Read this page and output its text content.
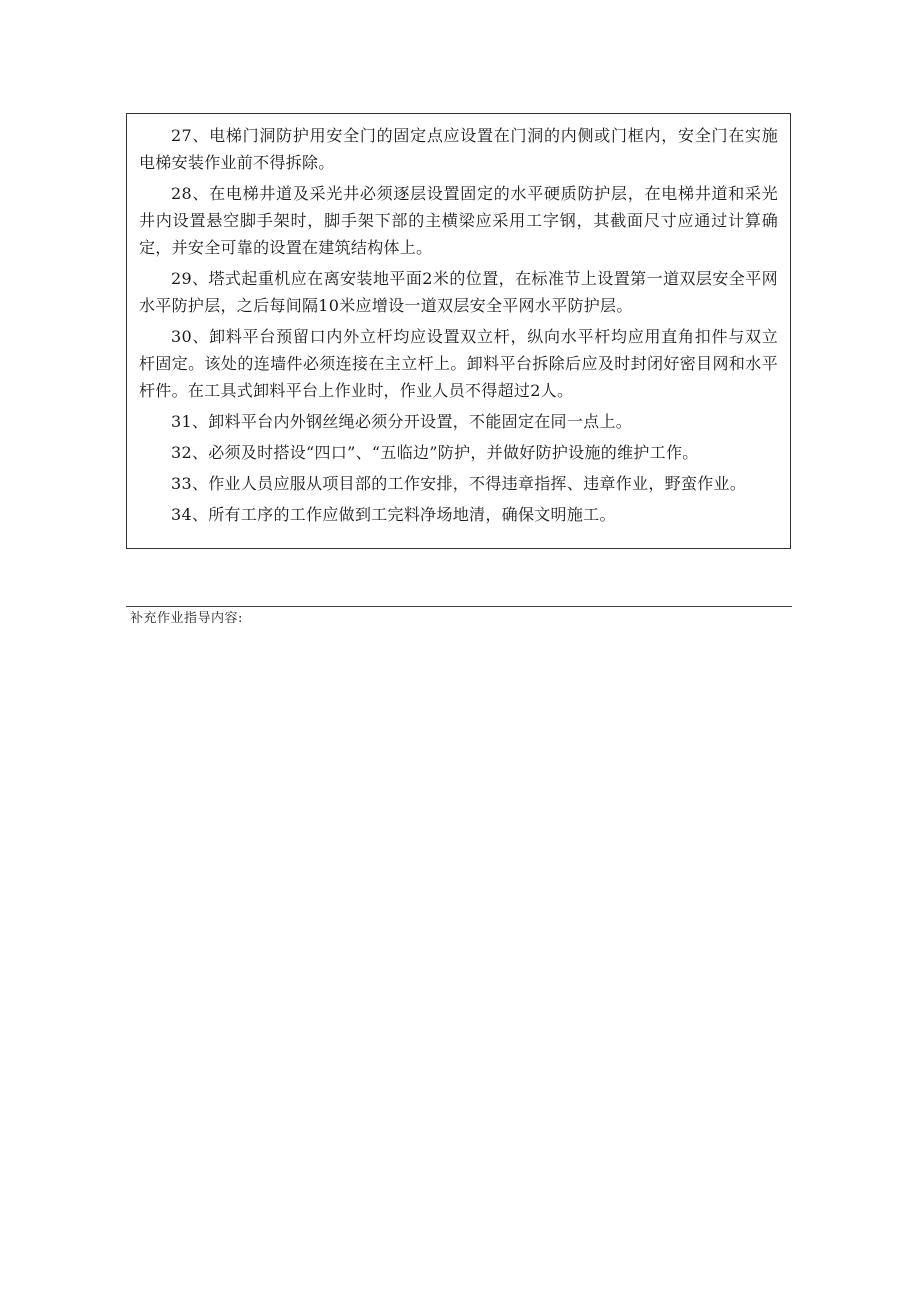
27、电梯门洞防护用安全门的固定点应设置在门洞的内侧或门框内，安全门在实施电梯安装作业前不得拆除。

28、在电梯井道及采光井必须逐层设置固定的水平硬质防护层，在电梯井道和采光井内设置悬空脚手架时，脚手架下部的主横梁应采用工字钢，其截面尺寸应通过计算确定，并安全可靠的设置在建筑结构体上。

29、塔式起重机应在离安装地平面2米的位置，在标准节上设置第一道双层安全平网水平防护层，之后每间隔10米应增设一道双层安全平网水平防护层。

30、卸料平台预留口内外立杆均应设置双立杆，纵向水平杆均应用直角扣件与双立杆固定。该处的连墙件必须连接在主立杆上。卸料平台拆除后应及时封闭好密目网和水平杆件。在工具式卸料平台上作业时，作业人员不得超过2人。

31、卸料平台内外钢丝绳必须分开设置，不能固定在同一点上。

32、必须及时搭设“四口”、“五临边”防护，并做好防护设施的维护工作。

33、作业人员应服从项目部的工作安排，不得违章指挥、违章作业，野蛮作业。

34、所有工序的工作应做到工完料净场地清，确保文明施工。

补充作业指导内容:
